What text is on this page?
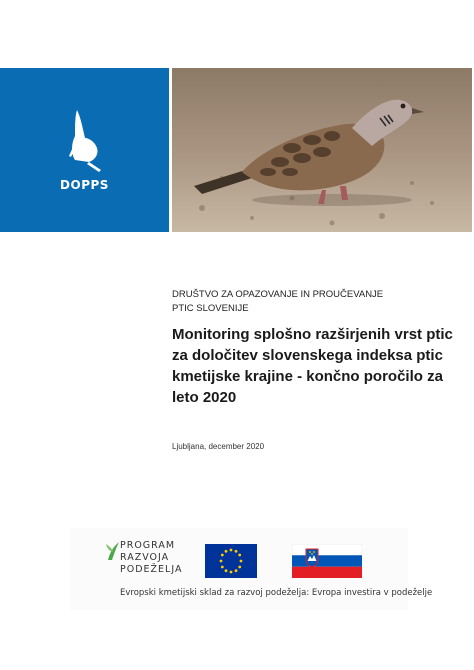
DOPPS
DRUŠTVO ZA OPAZOVANJE IN PROUČEVANJE
PTIC SLOVENIJE
Monitoring splošno razširjenih vrst ptic za določitev slovenskega indeksa ptic kmetijske krajine - končno poročilo za leto 2020
Ljubljana, december 2020
PROGRAM
RAZVOJA
PODEŽELJA
Evropski kmetijski sklad za razvoj podeželja: Evropa investira v podeželje
